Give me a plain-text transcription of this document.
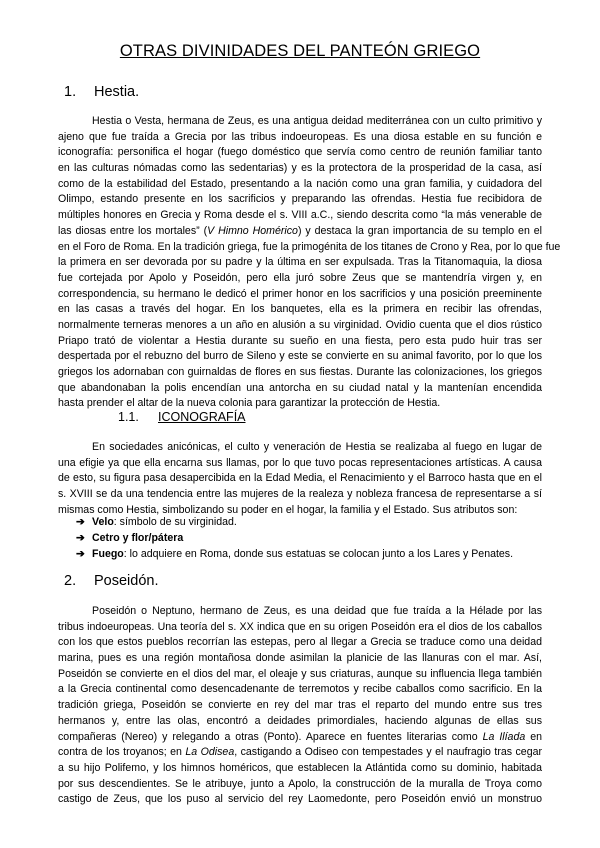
OTRAS DIVINIDADES DEL PANTEÓN GRIEGO
1. Hestia.
Hestia o Vesta, hermana de Zeus, es una antigua deidad mediterránea con un culto primitivo y
ajeno que fue traída a Grecia por las tribus indoeuropeas. Es una diosa estable en su función e
iconografía: personifica el hogar (fuego doméstico que servía como centro de reunión familiar tanto
en las culturas nómadas como las sedentarias) y es la protectora de la prosperidad de la casa, así
como de la estabilidad del Estado, presentando a la nación como una gran familia, y cuidadora del
Olimpo, estando presente en los sacrificios y preparando las ofrendas. Hestia fue recibidora de
múltiples honores en Grecia y Roma desde el s. VIII a.C., siendo descrita como “la más venerable de
las diosas entre los mortales” (V Himno Homérico) y destaca la gran importancia de su templo en el
en el Foro de Roma. En la tradición griega, fue la primogénita de los titanes de Crono y Rea, por lo que fue
la primera en ser devorada por su padre y la última en ser expulsada. Tras la Titanomaquia, la diosa
fue cortejada por Apolo y Poseidón, pero ella juró sobre Zeus que se mantendría virgen y, en
correspondencia, su hermano le dedicó el primer honor en los sacrificios y una posición preeminente
en las casas a través del hogar. En los banquetes, ella es la primera en recibir las ofrendas,
normalmente terneras menores a un año en alusión a su virginidad. Ovidio cuenta que el dios rústico
Priapo trató de violentar a Hestia durante su sueño en una fiesta, pero esta pudo huir tras ser
despertada por el rebuzno del burro de Sileno y este se convierte en su animal favorito, por lo que los
griegos los adornaban con guirnaldas de flores en sus fiestas. Durante las colonizaciones, los griegos
que abandonaban la polis encendían una antorcha en su ciudad natal y la mantenían encendida
hasta prender el altar de la nueva colonia para garantizar la protección de Hestia.
1.1. ICONOGRAFÍA
En sociedades anicónicas, el culto y veneración de Hestia se realizaba al fuego en lugar de
una efigie ya que ella encarna sus llamas, por lo que tuvo pocas representaciones artísticas. A causa
de esto, su figura pasa desapercibida en la Edad Media, el Renacimiento y el Barroco hasta que en el
s. XVIII se da una tendencia entre las mujeres de la realeza y nobleza francesa de representarse a sí
mismas como Hestia, simbolizando su poder en el hogar, la familia y el Estado. Sus atributos son:
➔ Velo: símbolo de su virginidad.
➔ Cetro y flor/pátera
➔ Fuego: lo adquiere en Roma, donde sus estatuas se colocan junto a los Lares y Penates.
2. Poseidón.
Poseidón o Neptuno, hermano de Zeus, es una deidad que fue traída a la Hélade por las
tribus indoeuropeas. Una teoría del s. XX indica que en su origen Poseidón era el dios de los caballos
con los que estos pueblos recorrían las estepas, pero al llegar a Grecia se traduce como una deidad
marina, pues es una región montañosa donde asimilan la planicie de las llanuras con el mar. Así,
Poseidón se convierte en el dios del mar, el oleaje y sus criaturas, aunque su influencia llega también
a la Grecia continental como desencadenante de terremotos y recibe caballos como sacrificio. En la
tradición griega, Poseidón se convierte en rey del mar tras el reparto del mundo entre sus tres
hermanos y, entre las olas, encontró a deidades primordiales, haciendo algunas de ellas sus
compañeras (Nereo) y relegando a otras (Ponto). Aparece en fuentes literarias como La Ilíada en
contra de los troyanos; en La Odisea, castigando a Odiseo con tempestades y el naufragio tras cegar
a su hijo Polifemo, y los himnos homéricos, que establecen la Atlántida como su dominio, habitada
por sus descendientes. Se le atribuye, junto a Apolo, la construcción de la muralla de Troya como
castigo de Zeus, que los puso al servicio del rey Laomedonte, pero Poseidón envió un monstruo
